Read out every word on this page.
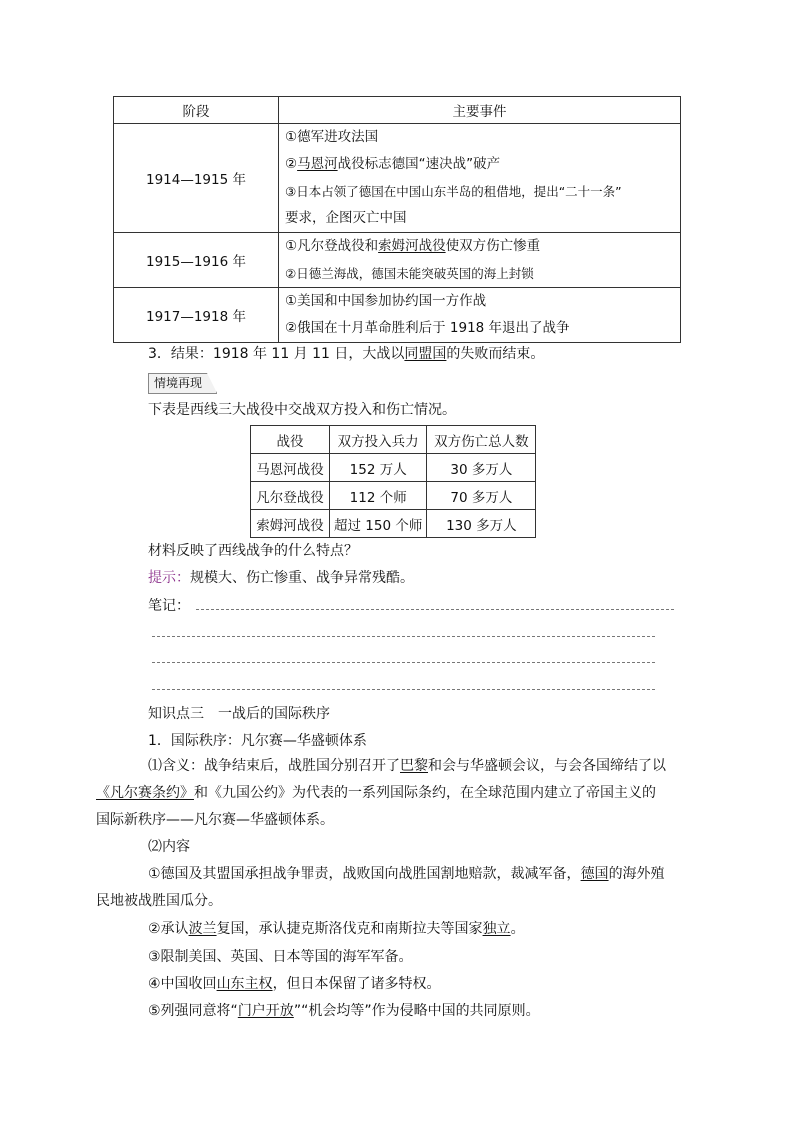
阶段	主要事件
1914—1915 年	①德军进攻法国
②马恩河战役标志德国“速决战”破产
③日本占领了德国在中国山东半岛的租借地，提出“二十一条”
要求，企图灭亡中国

1915—1916 年	①凡尔登战役和索姆河战役使双方伤亡惨重
②日德兰海战，德国未能突破英国的海上封锁

1917—1918 年	①美国和中国参加协约国一方作战
②俄国在十月革命胜利后于 1918 年退出了战争
3．结果：1918 年 11 月 11 日，大战以同盟国的失败而结束。
情境再现
下表是西线三大战役中交战双方投入和伤亡情况。
战役	双方投入兵力	双方伤亡总人数
马恩河战役	152 万人	30 多万人
凡尔登战役	112 个师	70 多万人
索姆河战役	超过 150 个师	130 多万人
材料反映了西线战争的什么特点？
提示：规模大、伤亡惨重、战争异常残酷。
笔记：
知识点三　一战后的国际秩序
1．国际秩序：凡尔赛—华盛顿体系
⑴含义：战争结束后，战胜国分别召开了巴黎和会与华盛顿会议，与会各国缔结了以
《凡尔赛条约》和《九国公约》为代表的一系列国际条约，在全球范围内建立了帝国主义的
国际新秩序——凡尔赛—华盛顿体系。
⑵内容
①德国及其盟国承担战争罪责，战败国向战胜国割地赔款，裁减军备，德国的海外殖
民地被战胜国瓜分。
②承认波兰复国，承认捷克斯洛伐克和南斯拉夫等国家独立。
③限制美国、英国、日本等国的海军军备。
④中国收回山东主权，但日本保留了诸多特权。
⑤列强同意将“门户开放”“机会均等”作为侵略中国的共同原则。
